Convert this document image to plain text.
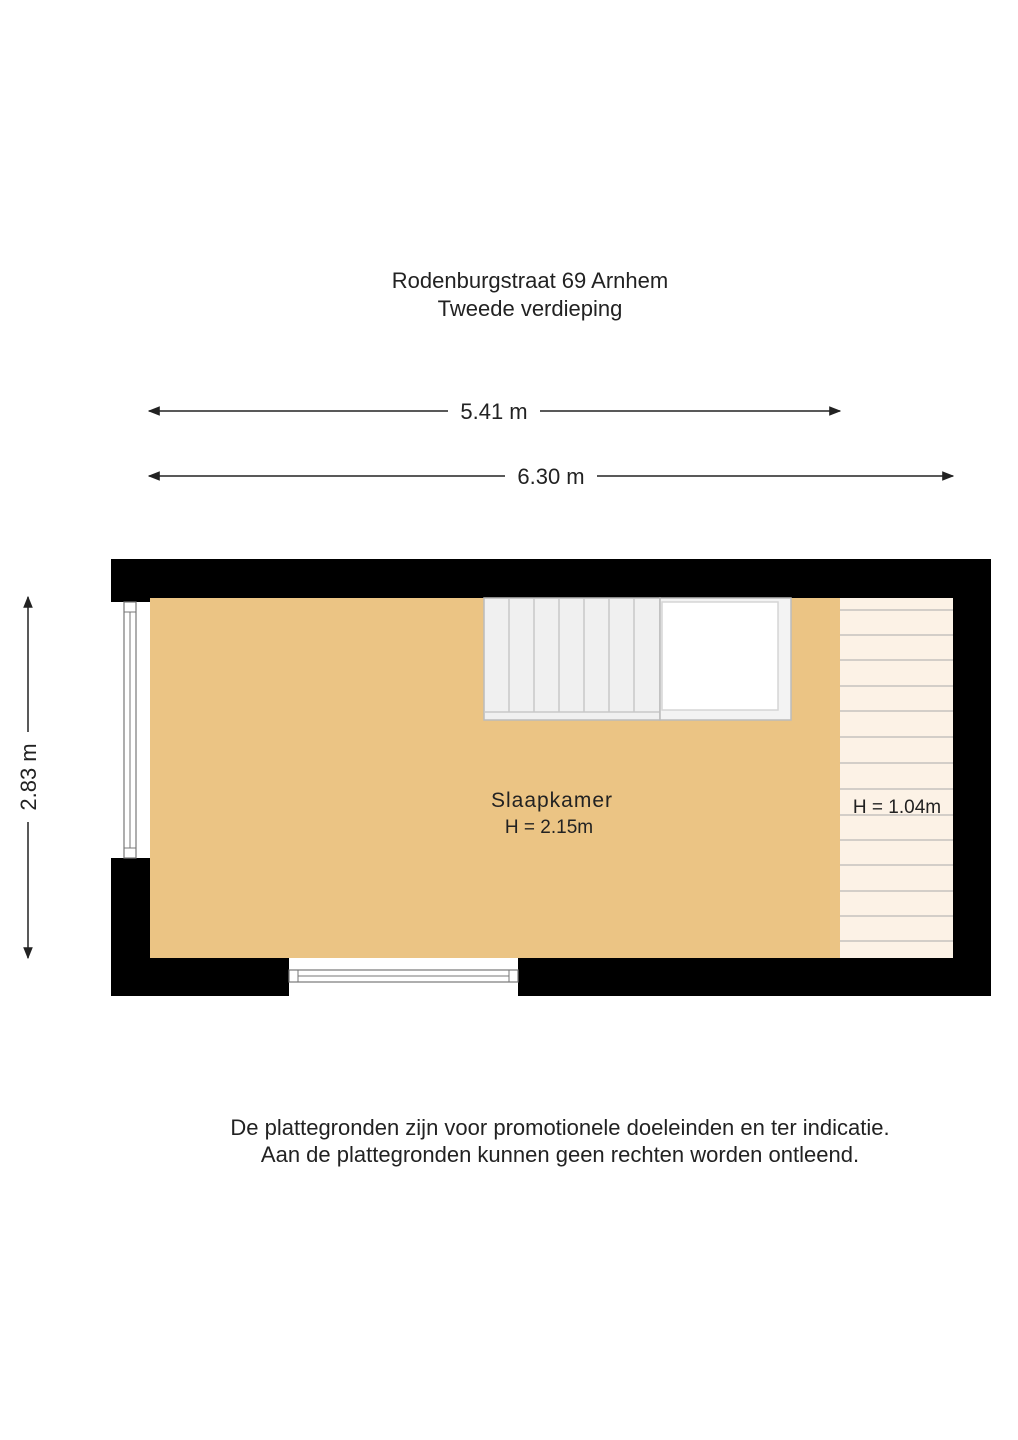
Rodenburgstraat 69 Arnhem
Tweede verdieping
5.41 m
6.30 m
2.83 m	H = 1.04m
Slaapkamer
H = 2.15m
De plattegronden zijn voor promotionele doeleinden en ter indicatie.
Aan de plattegronden kunnen geen rechten worden ontleend.
